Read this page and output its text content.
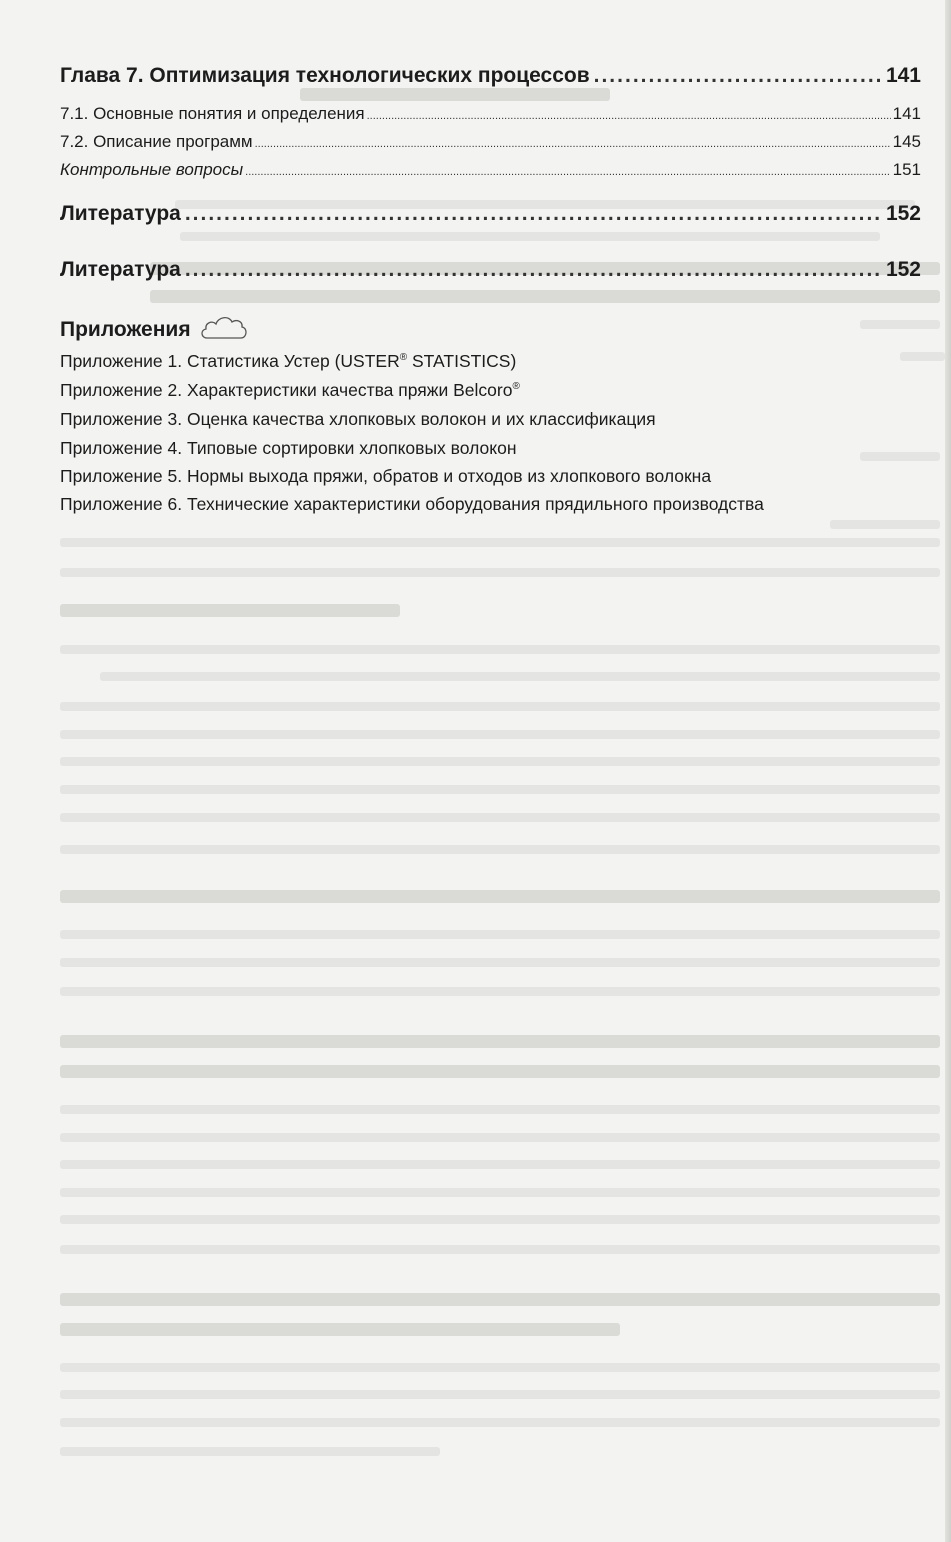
Глава 7. Оптимизация технологических процессов .....	141
7.1. Основные понятия и определения .....	141
7.2. Описание программ .....	145
Контрольные вопросы .....	151
Литература .....	152
Литература .....	152
Приложения
Приложение 1. Статистика Устер (USTER® STATISTICS)
Приложение 2. Характеристики качества пряжи Belcoro®
Приложение 3. Оценка качества хлопковых волокон и их классификация
Приложение 4. Типовые сортировки хлопковых волокон
Приложение 5. Нормы выхода пряжи, обратов и отходов из хлопкового волокна
Приложение 6. Технические характеристики оборудования прядильного производства
